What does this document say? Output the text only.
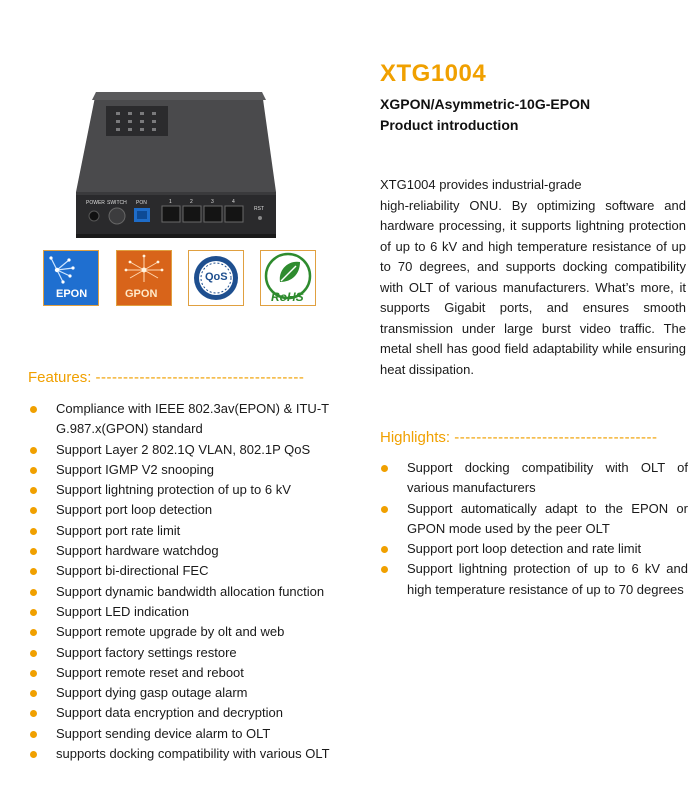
POWER SWITCH PON
RST
1	2	3	4
EPON	GPON
QoS
RoHS
XTG1004
XGPON/Asymmetric-10G-EPON
Product introduction
XTG1004 provides industrial-grade
high-reliability ONU. By optimizing software and hardware processing, it supports lightning protection of up to 6 kV and high temperature resistance of up to 70 degrees, and supports docking compatibility with OLT of various manufacturers. What’s more, it supports Gigabit ports, and ensures smooth transmission under large burst video traffic. The metal shell has good field adaptability while ensuring heat dissipation.
Features: --------------------------------------
Compliance with IEEE 802.3av(EPON) & ITU-T
G.987.x(GPON) standard
Support Layer 2 802.1Q VLAN, 802.1P QoS
Support IGMP V2 snooping
Support lightning protection of up to 6 kV
Support port loop detection
Support port rate limit
Support hardware watchdog
Support bi-directional FEC
Support dynamic bandwidth allocation function
Support LED indication
Support remote upgrade by olt and web
Support factory settings restore
Support remote reset and reboot
Support dying gasp outage alarm
Support data encryption and decryption
Support sending device alarm to OLT
supports docking compatibility with various OLT
Highlights: -------------------------------------
Support docking compatibility with OLT of various manufacturers
Support automatically adapt to the EPON or GPON mode used by the peer OLT
Support port loop detection and rate limit
Support lightning protection of up to 6 kV and high temperature resistance of up to 70 degrees
